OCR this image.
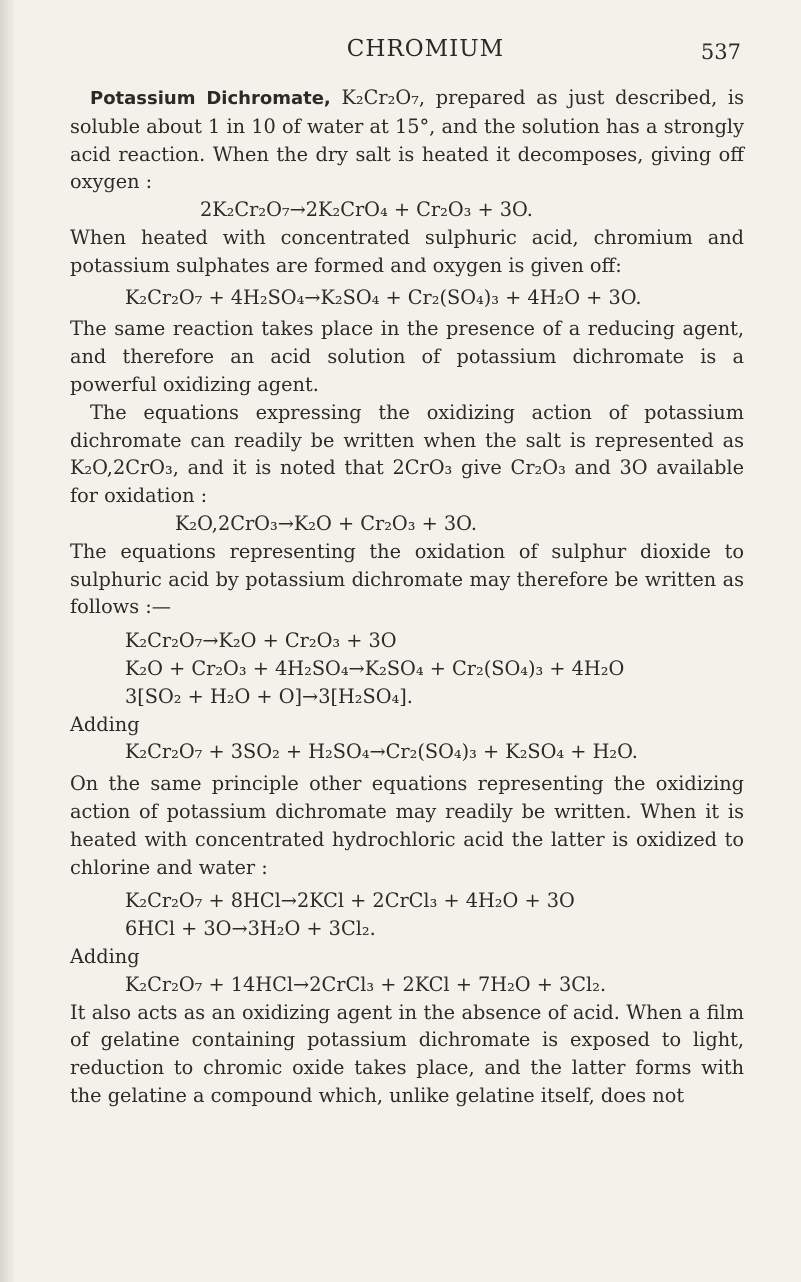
CHROMIUM	537

Potassium Dichromate, K₂Cr₂O₇, prepared as just described, is soluble about 1 in 10 of water at 15°, and the solution has a strongly acid reaction. When the dry salt is heated it decomposes, giving off oxygen :

2K₂Cr₂O₇→2K₂CrO₄ + Cr₂O₃ + 3O.

When heated with concentrated sulphuric acid, chromium and potassium sulphates are formed and oxygen is given off:

K₂Cr₂O₇ + 4H₂SO₄→K₂SO₄ + Cr₂(SO₄)₃ + 4H₂O + 3O.

The same reaction takes place in the presence of a reducing agent, and therefore an acid solution of potassium dichromate is a powerful oxidizing agent.

The equations expressing the oxidizing action of potassium dichromate can readily be written when the salt is represented as K₂O,2CrO₃, and it is noted that 2CrO₃ give Cr₂O₃ and 3O available for oxidation :

K₂O,2CrO₃→K₂O + Cr₂O₃ + 3O.

The equations representing the oxidation of sulphur dioxide to sulphuric acid by potassium dichromate may therefore be written as follows :—

K₂Cr₂O₇→K₂O + Cr₂O₃ + 3O
K₂O + Cr₂O₃ + 4H₂SO₄→K₂SO₄ + Cr₂(SO₄)₃ + 4H₂O
3[SO₂ + H₂O + O]→3[H₂SO₄].

Adding

K₂Cr₂O₇ + 3SO₂ + H₂SO₄→Cr₂(SO₄)₃ + K₂SO₄ + H₂O.

On the same principle other equations representing the oxidizing action of potassium dichromate may readily be written. When it is heated with concentrated hydrochloric acid the latter is oxidized to chlorine and water :

K₂Cr₂O₇ + 8HCl→2KCl + 2CrCl₃ + 4H₂O + 3O
6HCl + 3O→3H₂O + 3Cl₂.

Adding

K₂Cr₂O₇ + 14HCl→2CrCl₃ + 2KCl + 7H₂O + 3Cl₂.

It also acts as an oxidizing agent in the absence of acid. When a film of gelatine containing potassium dichromate is exposed to light, reduction to chromic oxide takes place, and the latter forms with the gelatine a compound which, unlike gelatine itself, does not
